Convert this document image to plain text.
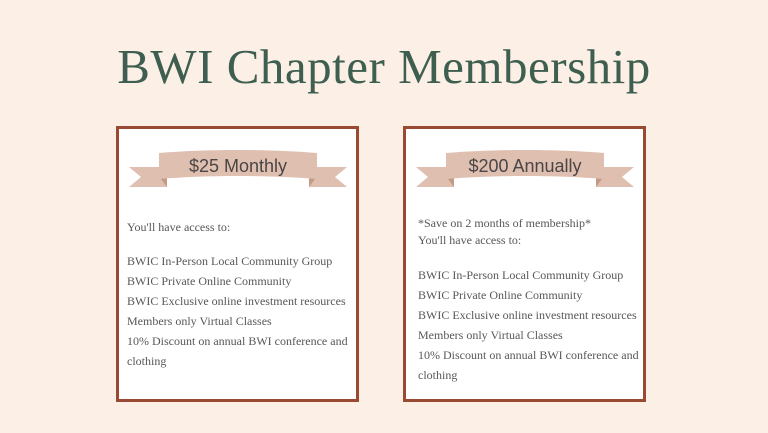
BWI Chapter Membership
$25 Monthly

You'll have access to:

BWIC In-Person Local Community Group

BWIC Private Online Community

BWIC Exclusive online investment resources

Members only Virtual Classes

10% Discount on annual BWI conference and clothing

$200 Annually

*Save on 2 months of membership*
You'll have access to:

BWIC In-Person Local Community Group

BWIC Private Online Community

BWIC Exclusive online investment resources

Members only Virtual Classes

10% Discount on annual BWI conference and clothing
